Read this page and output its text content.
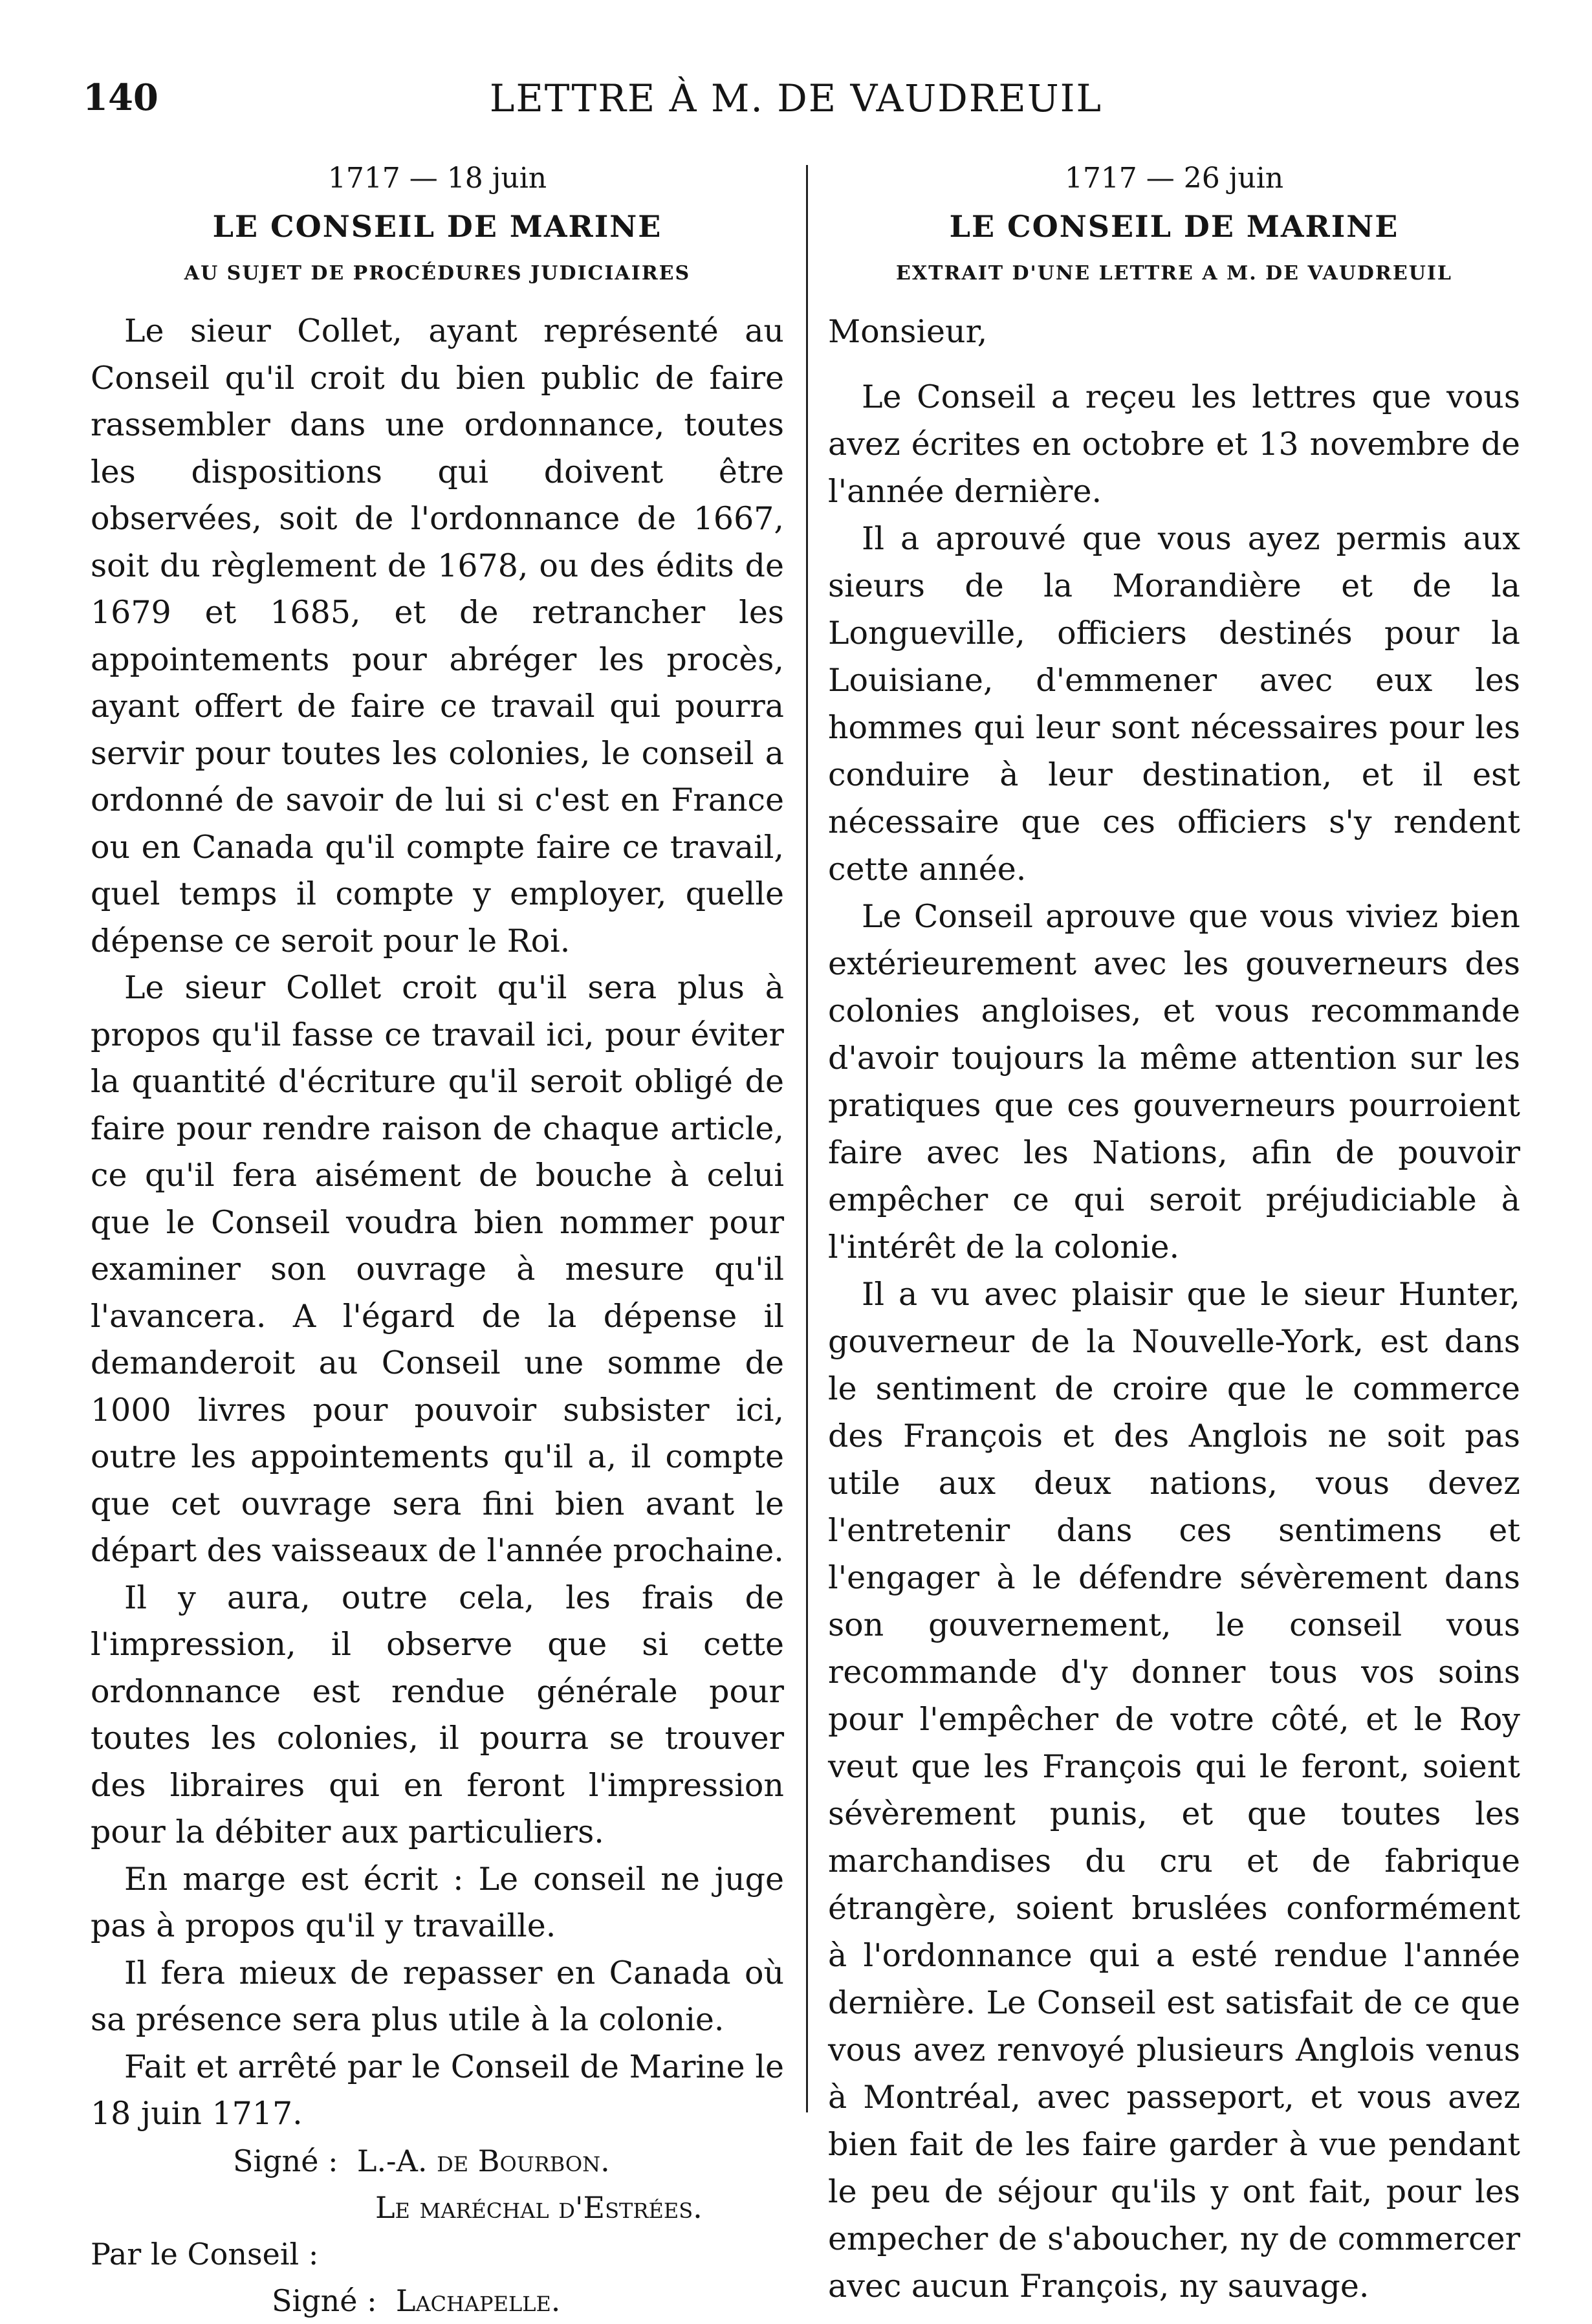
140	LETTRE À M. DE VAUDREUIL
1717 — 18 juin
LE CONSEIL DE MARINE
AU SUJET DE PROCÉDURES JUDICIAIRES

Le sieur Collet, ayant représenté au Conseil qu'il croit du bien public de faire rassembler dans une ordonnance, toutes les dispositions qui doivent être observées, soit de l'ordonnance de 1667, soit du règlement de 1678, ou des édits de 1679 et 1685, et de retrancher les appointements pour abréger les procès, ayant offert de faire ce travail qui pourra servir pour toutes les colonies, le conseil a ordonné de savoir de lui si c'est en France ou en Canada qu'il compte faire ce travail, quel temps il compte y employer, quelle dépense ce seroit pour le Roi.

Le sieur Collet croit qu'il sera plus à propos qu'il fasse ce travail ici, pour éviter la quantité d'écriture qu'il seroit obligé de faire pour rendre raison de chaque article, ce qu'il fera aisément de bouche à celui que le Conseil voudra bien nommer pour examiner son ouvrage à mesure qu'il l'avancera. A l'égard de la dépense il demanderoit au Conseil une somme de 1000 livres pour pouvoir subsister ici, outre les appointements qu'il a, il compte que cet ouvrage sera fini bien avant le départ des vaisseaux de l'année prochaine.

Il y aura, outre cela, les frais de l'impression, il observe que si cette ordonnance est rendue générale pour toutes les colonies, il pourra se trouver des libraires qui en feront l'impression pour la débiter aux particuliers.

En marge est écrit : Le conseil ne juge pas à propos qu'il y travaille.

Il fera mieux de repasser en Canada où sa présence sera plus utile à la colonie.

Fait et arrêté par le Conseil de Marine le 18 juin 1717.

Signé : L.-A. de Bourbon.
Le maréchal d'Estrées.
Par le Conseil :
Signé : Lachapelle.
1717 — 26 juin
LE CONSEIL DE MARINE
EXTRAIT D'UNE LETTRE A M. DE VAUDREUIL
Monsieur,

Le Conseil a reçeu les lettres que vous avez écrites en octobre et 13 novembre de l'année dernière.

Il a aprouvé que vous ayez permis aux sieurs de la Morandière et de la Longueville, officiers destinés pour la Louisiane, d'emmener avec eux les hommes qui leur sont nécessaires pour les conduire à leur destination, et il est nécessaire que ces officiers s'y rendent cette année.

Le Conseil aprouve que vous viviez bien extérieurement avec les gouverneurs des colonies angloises, et vous recommande d'avoir toujours la même attention sur les pratiques que ces gouverneurs pourroient faire avec les Nations, afin de pouvoir empêcher ce qui seroit préjudiciable à l'intérêt de la colonie.

Il a vu avec plaisir que le sieur Hunter, gouverneur de la Nouvelle-York, est dans le sentiment de croire que le commerce des François et des Anglois ne soit pas utile aux deux nations, vous devez l'entretenir dans ces sentimens et l'engager à le défendre sévèrement dans son gouvernement, le conseil vous recommande d'y donner tous vos soins pour l'empêcher de votre côté, et le Roy veut que les François qui le feront, soient sévèrement punis, et que toutes les marchandises du cru et de fabrique étrangère, soient bruslées conformément à l'ordonnance qui a esté rendue l'année dernière. Le Conseil est satisfait de ce que vous avez renvoyé plusieurs Anglois venus à Montréal, avec passeport, et vous avez bien fait de les faire garder à vue pendant le peu de séjour qu'ils y ont fait, pour les empecher de s'aboucher, ny de commercer avec aucun François, ny sauvage.
